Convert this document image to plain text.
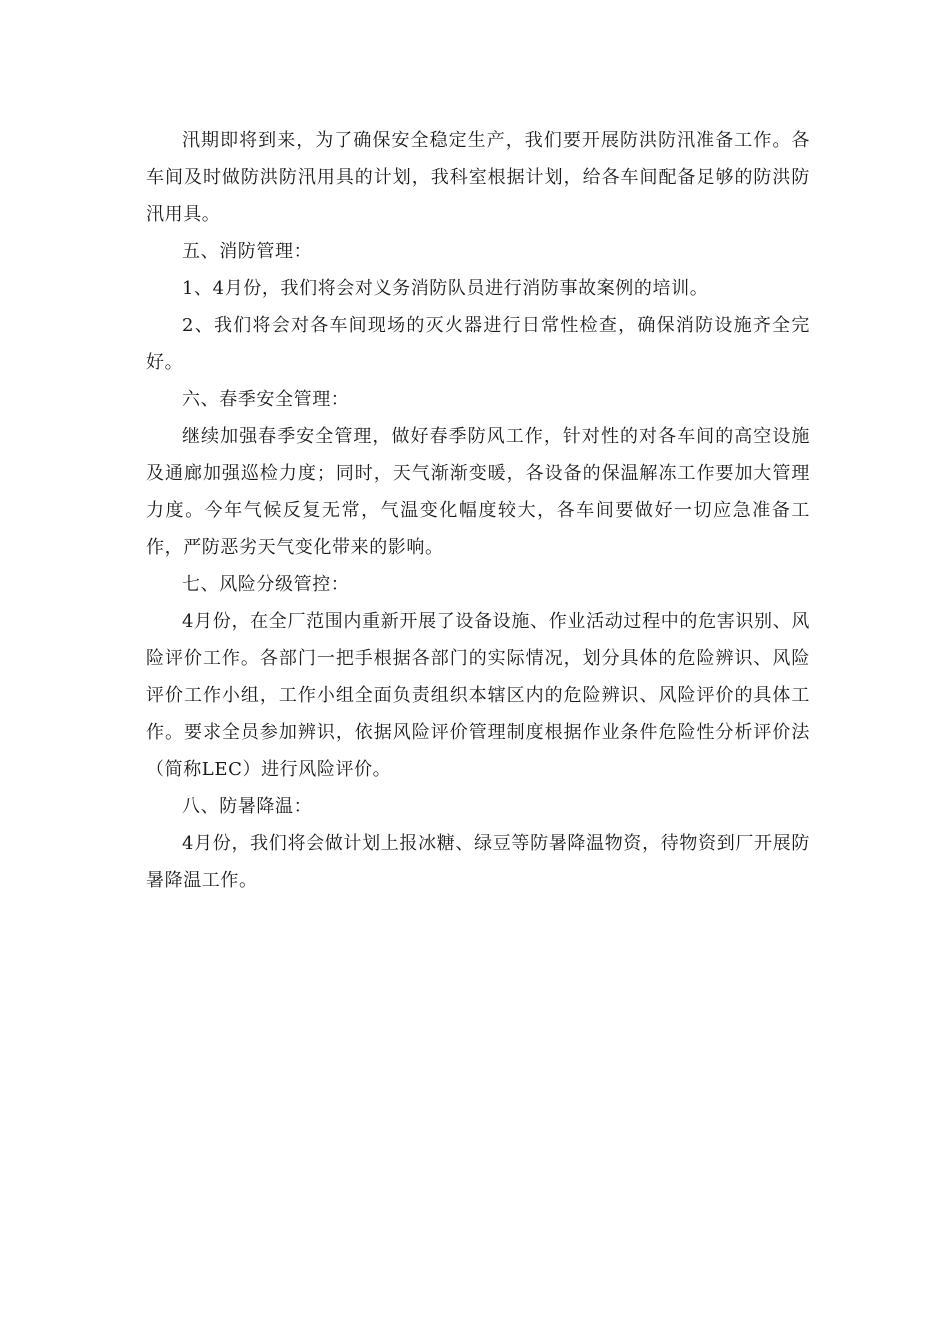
汛期即将到来，为了确保安全稳定生产，我们要开展防洪防汛准备工作。各车间及时做防洪防汛用具的计划，我科室根据计划，给各车间配备足够的防洪防汛用具。

五、消防管理：

1、4月份，我们将会对义务消防队员进行消防事故案例的培训。

2、我们将会对各车间现场的灭火器进行日常性检查，确保消防设施齐全完好。

六、春季安全管理：

继续加强春季安全管理，做好春季防风工作，针对性的对各车间的高空设施及通廊加强巡检力度；同时，天气渐渐变暖，各设备的保温解冻工作要加大管理力度。今年气候反复无常，气温变化幅度较大，各车间要做好一切应急准备工作，严防恶劣天气变化带来的影响。

七、风险分级管控：

4月份，在全厂范围内重新开展了设备设施、作业活动过程中的危害识别、风险评价工作。各部门一把手根据各部门的实际情况，划分具体的危险辨识、风险评价工作小组，工作小组全面负责组织本辖区内的危险辨识、风险评价的具体工作。要求全员参加辨识，依据风险评价管理制度根据作业条件危险性分析评价法（简称LEC）进行风险评价。

八、防暑降温：

4月份，我们将会做计划上报冰糖、绿豆等防暑降温物资，待物资到厂开展防暑降温工作。
